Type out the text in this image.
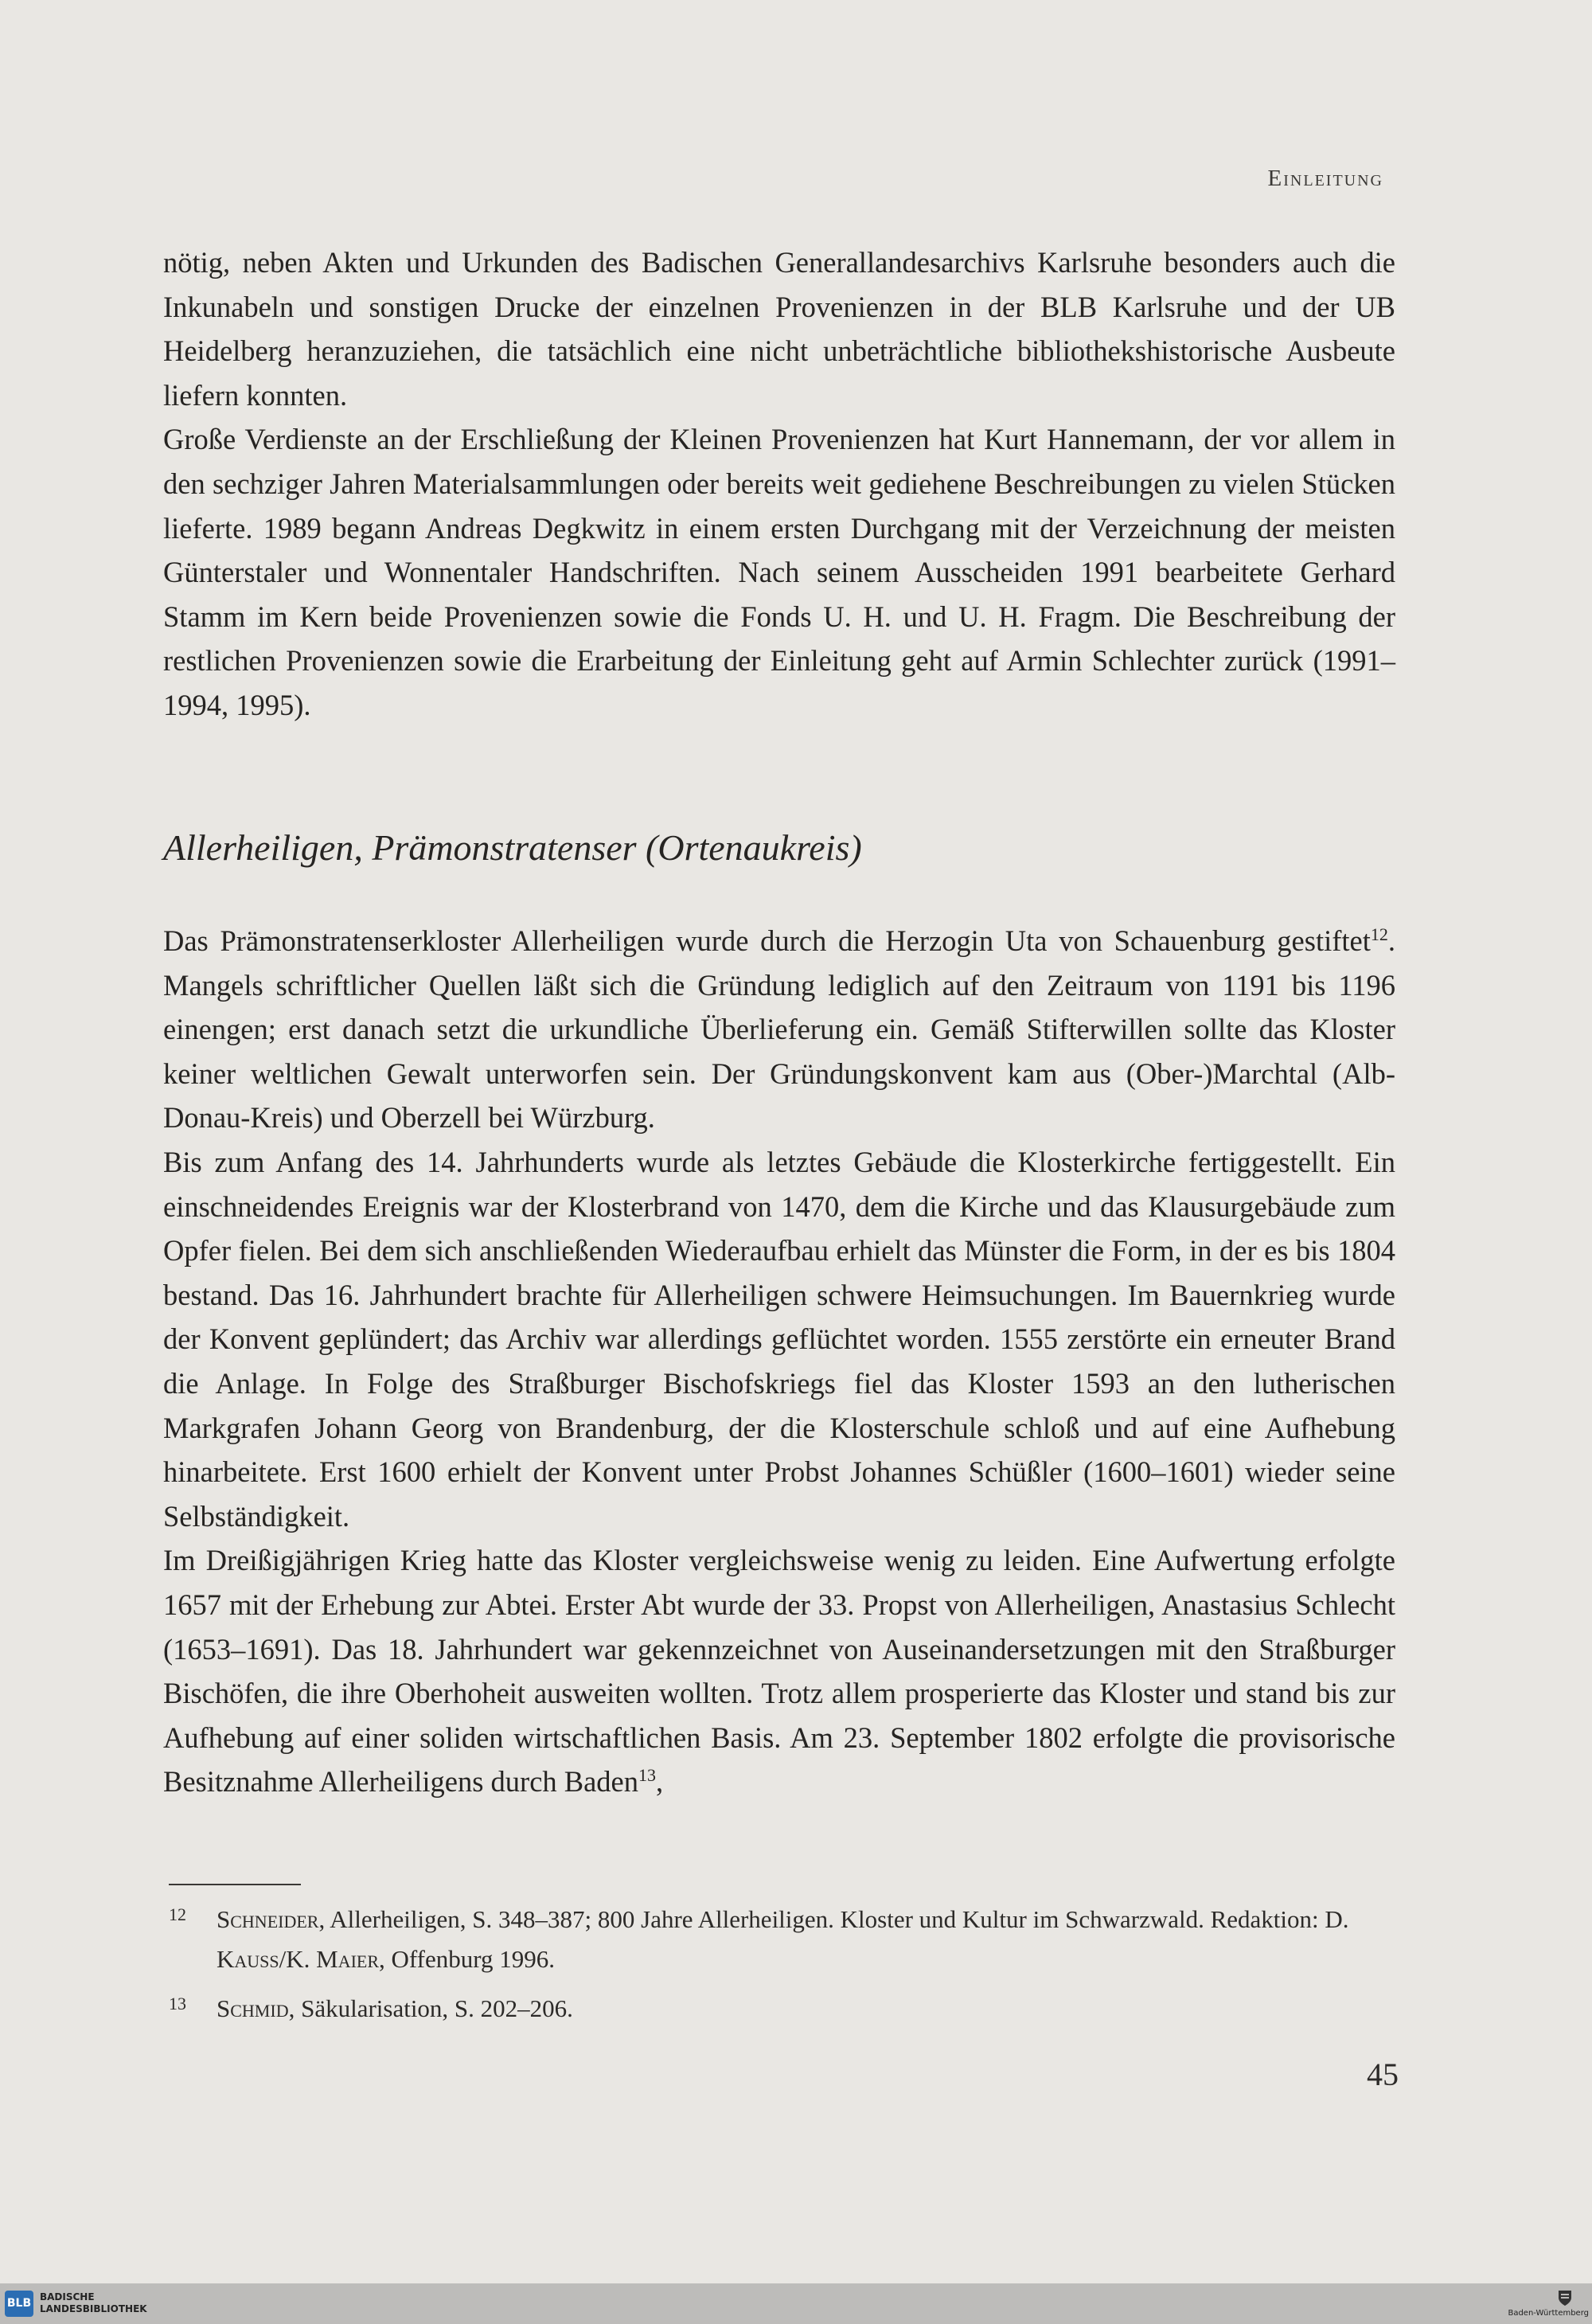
Einleitung

nötig, neben Akten und Urkunden des Badischen Generallandesarchivs Karlsruhe besonders auch die Inkunabeln und sonstigen Drucke der einzelnen Provenienzen in der BLB Karlsruhe und der UB Heidelberg heranzuziehen, die tatsächlich eine nicht unbeträchtliche bibliothekshistorische Ausbeute liefern konnten.

Große Verdienste an der Erschließung der Kleinen Provenienzen hat Kurt Hannemann, der vor allem in den sechziger Jahren Materialsammlungen oder bereits weit gediehene Beschreibungen zu vielen Stücken lieferte. 1989 begann Andreas Degkwitz in einem ersten Durchgang mit der Verzeichnung der meisten Günterstaler und Wonnentaler Handschriften. Nach seinem Ausscheiden 1991 bearbeitete Gerhard Stamm im Kern beide Provenienzen sowie die Fonds U. H. und U. H. Fragm. Die Beschreibung der restlichen Provenienzen sowie die Erarbeitung der Einleitung geht auf Armin Schlechter zurück (1991–1994, 1995).

Allerheiligen, Prämonstratenser (Ortenaukreis)

Das Prämonstratenserkloster Allerheiligen wurde durch die Herzogin Uta von Schauenburg gestiftet$^{12}$. Mangels schriftlicher Quellen läßt sich die Gründung lediglich auf den Zeitraum von 1191 bis 1196 einengen; erst danach setzt die urkundliche Überlieferung ein. Gemäß Stifterwillen sollte das Kloster keiner weltlichen Gewalt unterworfen sein. Der Gründungskonvent kam aus (Ober-)Marchtal (Alb-Donau-Kreis) und Oberzell bei Würzburg.

Bis zum Anfang des 14. Jahrhunderts wurde als letztes Gebäude die Klosterkirche fertiggestellt. Ein einschneidendes Ereignis war der Klosterbrand von 1470, dem die Kirche und das Klausurgebäude zum Opfer fielen. Bei dem sich anschließenden Wiederaufbau erhielt das Münster die Form, in der es bis 1804 bestand. Das 16. Jahrhundert brachte für Allerheiligen schwere Heimsuchungen. Im Bauernkrieg wurde der Konvent geplündert; das Archiv war allerdings geflüchtet worden. 1555 zerstörte ein erneuter Brand die Anlage. In Folge des Straßburger Bischofskriegs fiel das Kloster 1593 an den lutherischen Markgrafen Johann Georg von Brandenburg, der die Klosterschule schloß und auf eine Aufhebung hinarbeitete. Erst 1600 erhielt der Konvent unter Probst Johannes Schüßler (1600–1601) wieder seine Selbständigkeit.

Im Dreißigjährigen Krieg hatte das Kloster vergleichsweise wenig zu leiden. Eine Aufwertung erfolgte 1657 mit der Erhebung zur Abtei. Erster Abt wurde der 33. Propst von Allerheiligen, Anastasius Schlecht (1653–1691). Das 18. Jahrhundert war gekennzeichnet von Auseinandersetzungen mit den Straßburger Bischöfen, die ihre Oberhoheit ausweiten wollten. Trotz allem prosperierte das Kloster und stand bis zur Aufhebung auf einer soliden wirtschaftlichen Basis. Am 23. September 1802 erfolgte die provisorische Besitznahme Allerheiligens durch Baden$^{13}$,

12 Schneider, Allerheiligen, S. 348–387; 800 Jahre Allerheiligen. Kloster und Kultur im Schwarzwald. Redaktion: D. Kauss/K. Maier, Offenburg 1996.
13 Schmid, Säkularisation, S. 202–206.
45
BLB BADISCHE
LANDESBIBLIOTHEK	Baden-Württemberg
